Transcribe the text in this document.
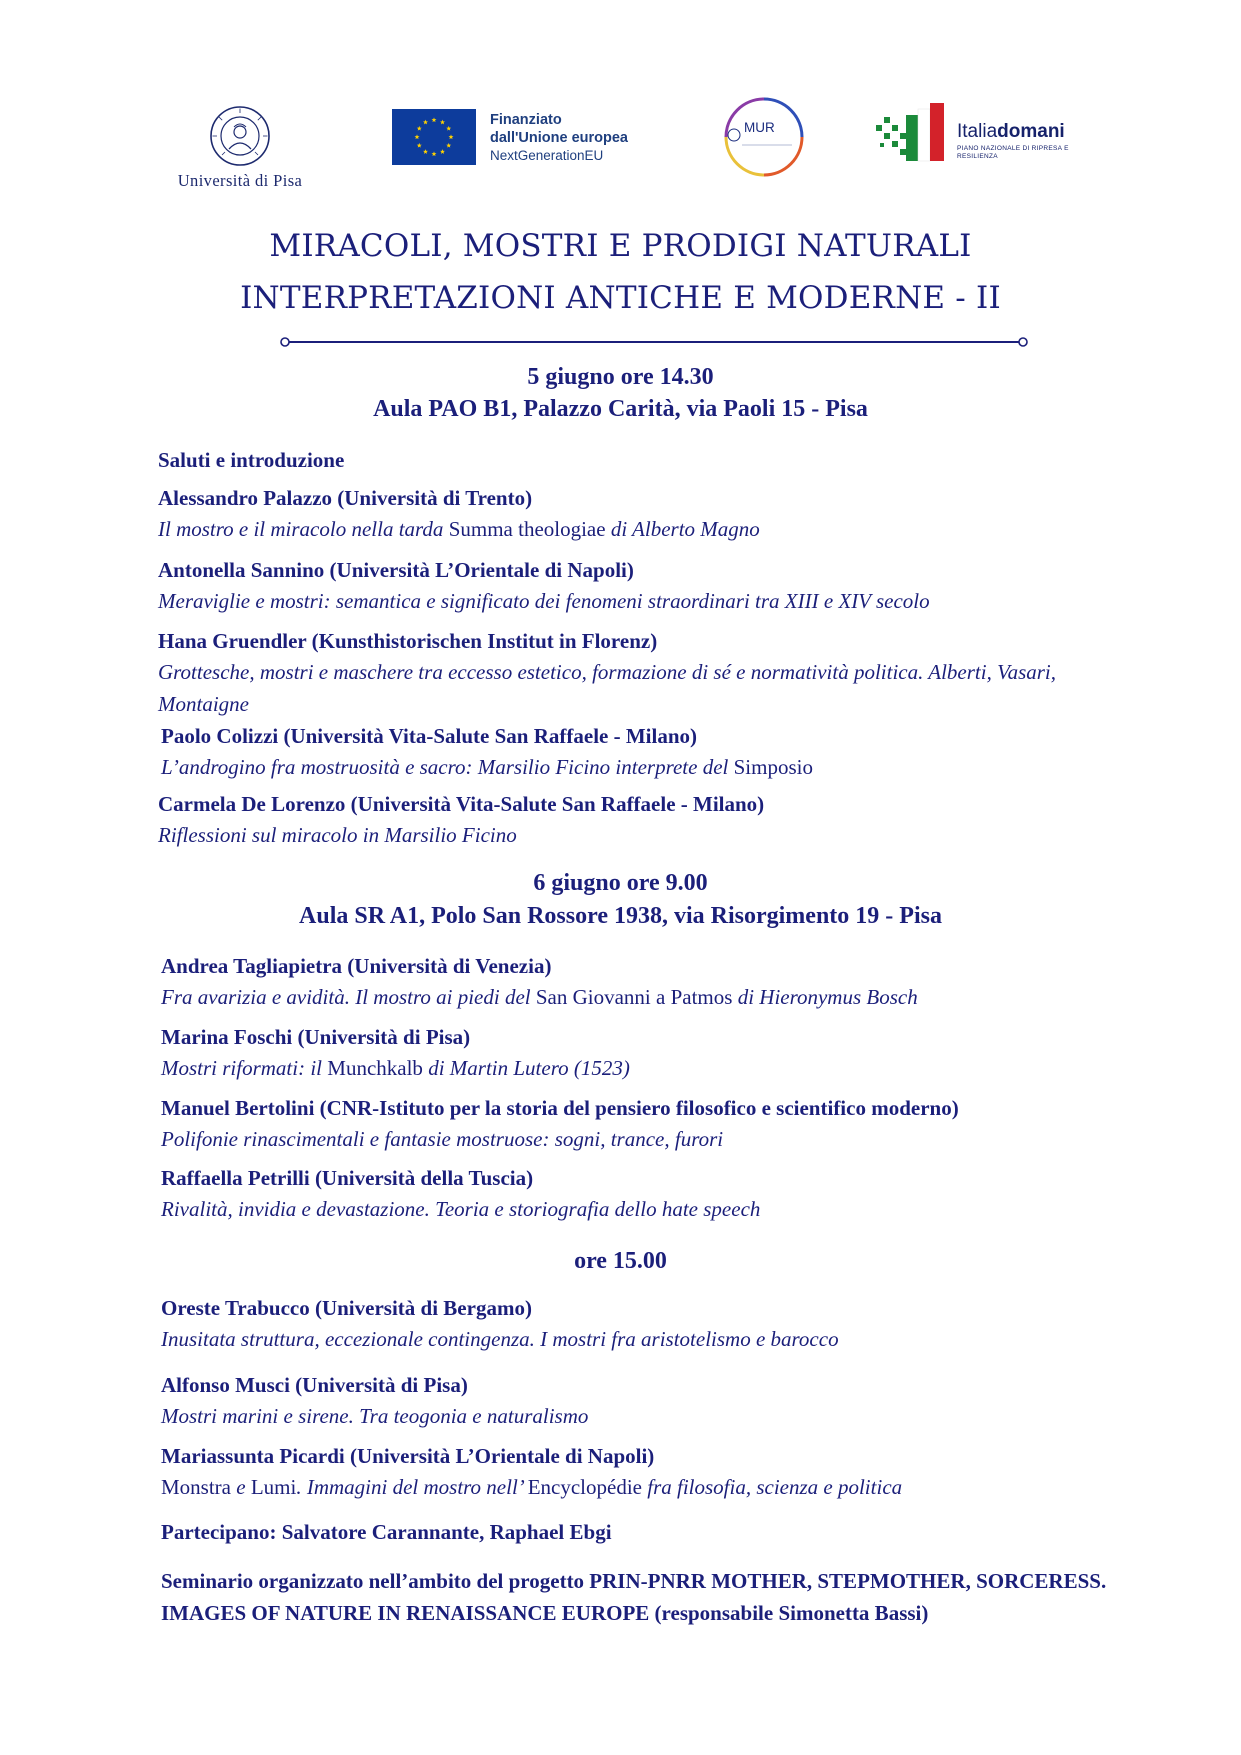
Università di Pisa
Finanziato
dall'Unione europea
NextGenerationEU
MUR	Italiadomani
PIANO NAZIONALE DI RIPRESA E RESILIENZA
MIRACOLI, MOSTRI E PRODIGI NATURALI
INTERPRETAZIONI ANTICHE E MODERNE - II
5 giugno ore 14.30
Aula PAO B1, Palazzo Carità, via Paoli 15 - Pisa
Saluti e introduzione
Alessandro Palazzo (Università di Trento)
Il mostro e il miracolo nella tarda Summa theologiae di Alberto Magno
Antonella Sannino (Università L’Orientale di Napoli)
Meraviglie e mostri: semantica e significato dei fenomeni straordinari tra XIII e XIV secolo
Hana Gruendler (Kunsthistorischen Institut in Florenz)
Grottesche, mostri e maschere tra eccesso estetico, formazione di sé e normatività politica. Alberti, Vasari,
Montaigne
Paolo Colizzi (Università Vita-Salute San Raffaele - Milano)
L’androgino fra mostruosità e sacro: Marsilio Ficino interprete del Simposio
Carmela De Lorenzo (Università Vita-Salute San Raffaele - Milano)
Riflessioni sul miracolo in Marsilio Ficino
6 giugno ore 9.00
Aula SR A1, Polo San Rossore 1938, via Risorgimento 19 - Pisa
Andrea Tagliapietra (Università di Venezia)
Fra avarizia e avidità. Il mostro ai piedi del San Giovanni a Patmos di Hieronymus Bosch
Marina Foschi (Università di Pisa)
Mostri riformati: il Munchkalb di Martin Lutero (1523)
Manuel Bertolini (CNR-Istituto per la storia del pensiero filosofico e scientifico moderno)
Polifonie rinascimentali e fantasie mostruose: sogni, trance, furori
Raffaella Petrilli (Università della Tuscia)
Rivalità, invidia e devastazione. Teoria e storiografia dello hate speech
ore 15.00
Oreste Trabucco (Università di Bergamo)
Inusitata struttura, eccezionale contingenza. I mostri fra aristotelismo e barocco
Alfonso Musci (Università di Pisa)
Mostri marini e sirene. Tra teogonia e naturalismo
Mariassunta Picardi (Università L’Orientale di Napoli)
Monstra e Lumi. Immagini del mostro nell’ Encyclopédie fra filosofia, scienza e politica
Partecipano: Salvatore Carannante, Raphael Ebgi
Seminario organizzato nell’ambito del progetto PRIN-PNRR MOTHER, STEPMOTHER, SORCERESS. IMAGES OF NATURE IN RENAISSANCE EUROPE (responsabile Simonetta Bassi)
